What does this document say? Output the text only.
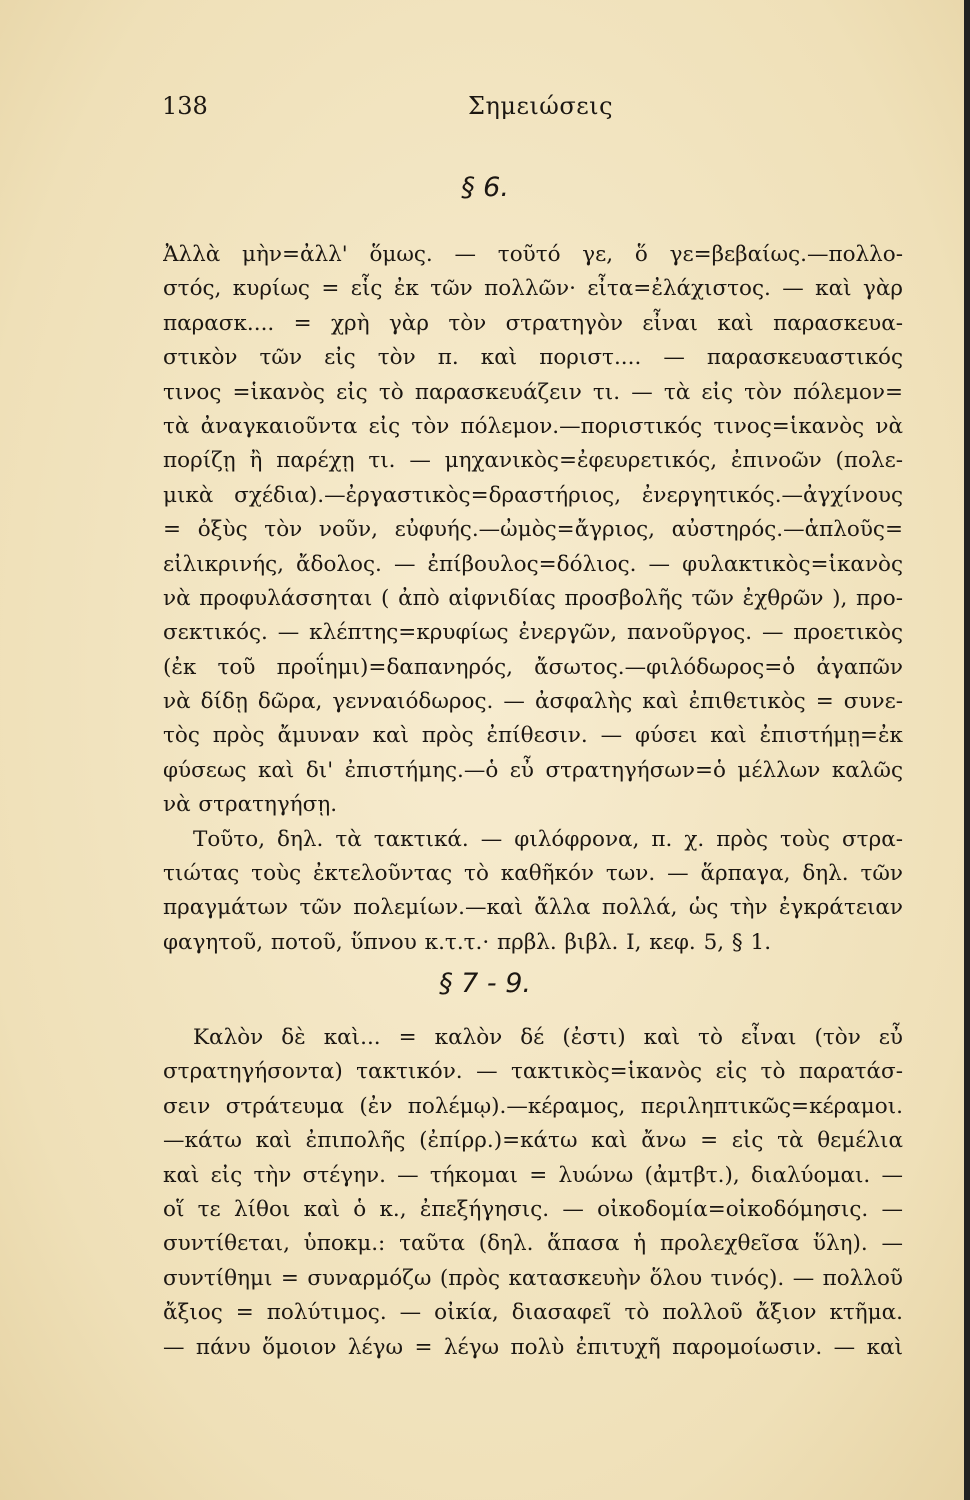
138	Σημειώσεις
§ 6.
Ἀλλὰ μὴν=ἀλλ' ὅμως. — τοῦτό γε, ὅ γε=βεβαίως.—πολλο-
στός, κυρίως = εἷς ἐκ τῶν πολλῶν· εἶτα=ἐλάχιστος. — καὶ γὰρ
παρασκ.... = χρὴ γὰρ τὸν στρατηγὸν εἶναι καὶ παρασκευα-
στικὸν τῶν εἰς τὸν π. καὶ ποριστ.... — παρασκευαστικός
τινος =ἱκανὸς εἰς τὸ παρασκευάζειν τι. — τὰ εἰς τὸν πόλεμον=
τὰ ἀναγκαιοῦντα εἰς τὸν πόλεμον.—ποριστικός τινος=ἱκανὸς νὰ
πορίζῃ ἢ παρέχῃ τι. — μηχανικὸς=ἐφευρετικός, ἐπινοῶν (πολε-
μικὰ σχέδια).—ἐργαστικὸς=δραστήριος, ἐνεργητικός.—ἀγχίνους
= ὀξὺς τὸν νοῦν, εὐφυής.—ὠμὸς=ἄγριος, αὐστηρός.—ἁπλοῦς=
εἰλικρινής, ἄδολος. — ἐπίβουλος=δόλιος. — φυλακτικὸς=ἱκανὸς
νὰ προφυλάσσηται ( ἀπὸ αἰφνιδίας προσβολῆς τῶν ἐχθρῶν ), προ-
σεκτικός. — κλέπτης=κρυφίως ἐνεργῶν, πανοῦργος. — προετικὸς
(ἐκ τοῦ προΐημι)=δαπανηρός, ἄσωτος.—φιλόδωρος=ὁ ἀγαπῶν
νὰ δίδῃ δῶρα, γενναιόδωρος. — ἀσφαλὴς καὶ ἐπιθετικὸς = συνε-
τὸς πρὸς ἄμυναν καὶ πρὸς ἐπίθεσιν. — φύσει καὶ ἐπιστήμῃ=ἐκ
φύσεως καὶ δι' ἐπιστήμης.—ὁ εὖ στρατηγήσων=ὁ μέλλων καλῶς
νὰ στρατηγήσῃ.
Τοῦτο, δηλ. τὰ τακτικά. — φιλόφρονα, π. χ. πρὸς τοὺς στρα-
τιώτας τοὺς ἐκτελοῦντας τὸ καθῆκόν των. — ἅρπαγα, δηλ. τῶν
πραγμάτων τῶν πολεμίων.—καὶ ἄλλα πολλά, ὡς τὴν ἐγκράτειαν
φαγητοῦ, ποτοῦ, ὕπνου κ.τ.τ.· πρβλ. βιβλ. I, κεφ. 5, § 1.
§ 7 - 9.
Καλὸν δὲ καὶ... = καλὸν δέ (ἐστι) καὶ τὸ εἶναι (τὸν εὖ
στρατηγήσοντα) τακτικόν. — τακτικὸς=ἱκανὸς εἰς τὸ παρατάσ-
σειν στράτευμα (ἐν πολέμῳ).—κέραμος, περιληπτικῶς=κέραμοι.
—κάτω καὶ ἐπιπολῆς (ἐπίρρ.)=κάτω καὶ ἄνω = εἰς τὰ θεμέλια
καὶ εἰς τὴν στέγην. — τήκομαι = λυώνω (ἀμτβτ.), διαλύομαι. —
οἵ τε λίθοι καὶ ὁ κ., ἐπεξήγησις. — οἰκοδομία=οἰκοδόμησις. —
συντίθεται, ὑποκμ.: ταῦτα (δηλ. ἅπασα ἡ προλεχθεῖσα ὕλη). —
συντίθημι = συναρμόζω (πρὸς κατασκευὴν ὅλου τινός). — πολλοῦ
ἄξιος = πολύτιμος. — οἰκία, διασαφεῖ τὸ πολλοῦ ἄξιον κτῆμα.
— πάνυ ὅμοιον λέγω = λέγω πολὺ ἐπιτυχῆ παρομοίωσιν. — καὶ
